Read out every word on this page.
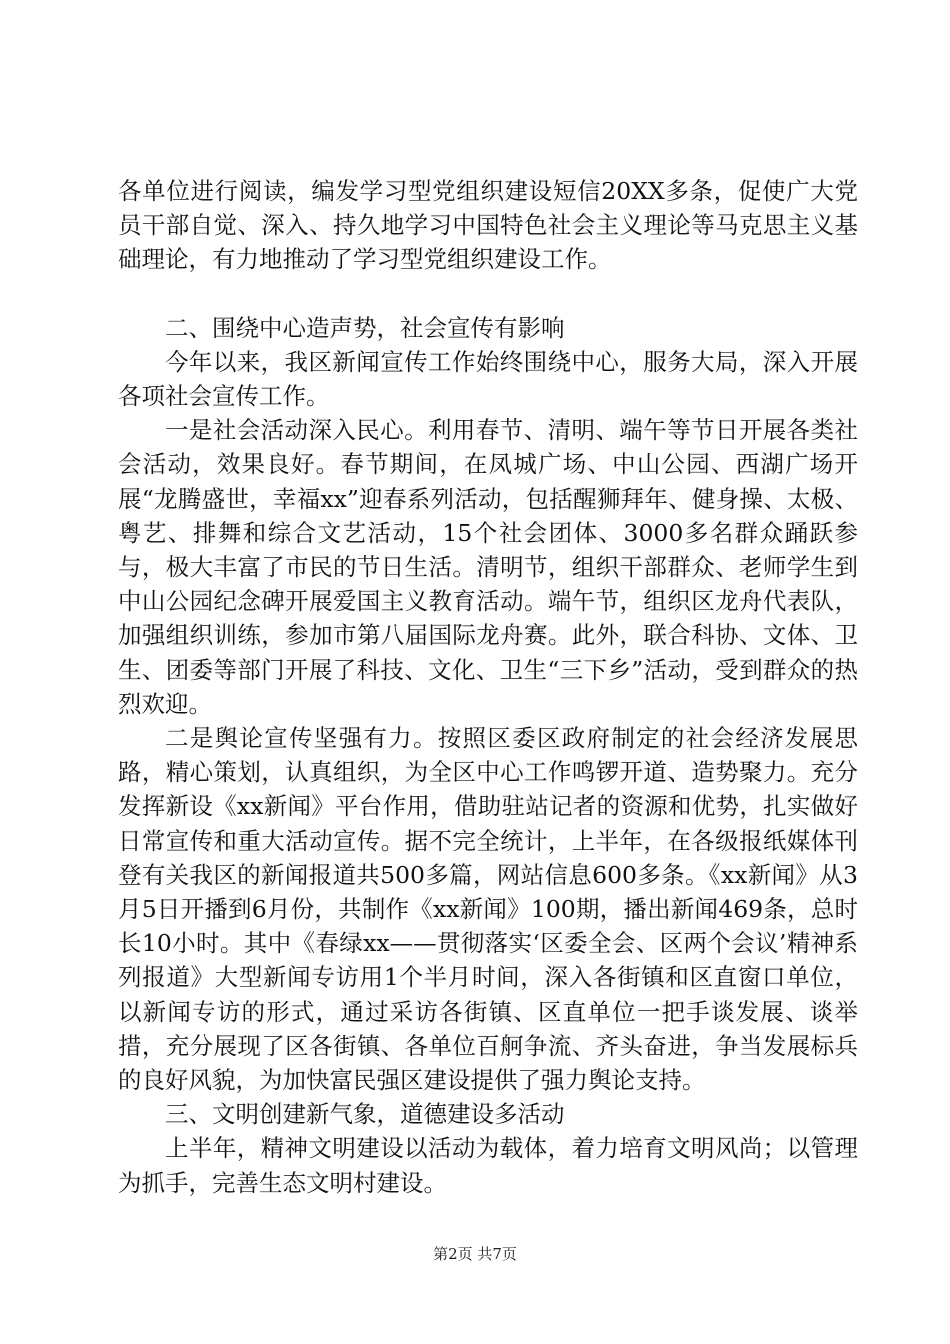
各单位进行阅读，编发学习型党组织建设短信20XX多条，促使广大党员干部自觉、深入、持久地学习中国特色社会主义理论等马克思主义基础理论，有力地推动了学习型党组织建设工作。

二、围绕中心造声势，社会宣传有影响

今年以来，我区新闻宣传工作始终围绕中心，服务大局，深入开展各项社会宣传工作。

一是社会活动深入民心。利用春节、清明、端午等节日开展各类社会活动，效果良好。春节期间，在凤城广场、中山公园、西湖广场开展“龙腾盛世，幸福xx”迎春系列活动，包括醒狮拜年、健身操、太极、粤艺、排舞和综合文艺活动，15个社会团体、3000多名群众踊跃参与，极大丰富了市民的节日生活。清明节，组织干部群众、老师学生到中山公园纪念碑开展爱国主义教育活动。端午节，组织区龙舟代表队，加强组织训练，参加市第八届国际龙舟赛。此外，联合科协、文体、卫生、团委等部门开展了科技、文化、卫生“三下乡”活动，受到群众的热烈欢迎。

二是舆论宣传坚强有力。按照区委区政府制定的社会经济发展思路，精心策划，认真组织，为全区中心工作鸣锣开道、造势聚力。充分发挥新设《xx新闻》平台作用，借助驻站记者的资源和优势，扎实做好日常宣传和重大活动宣传。据不完全统计，上半年，在各级报纸媒体刊登有关我区的新闻报道共500多篇，网站信息600多条。《xx新闻》从3月5日开播到6月份，共制作《xx新闻》100期，播出新闻469条，总时长10小时。其中《春绿xx——贯彻落实‘区委全会、区两个会议’精神系列报道》大型新闻专访用1个半月时间，深入各街镇和区直窗口单位，以新闻专访的形式，通过采访各街镇、区直单位一把手谈发展、谈举措，充分展现了区各街镇、各单位百舸争流、齐头奋进，争当发展标兵的良好风貌，为加快富民强区建设提供了强力舆论支持。

三、文明创建新气象，道德建设多活动

上半年，精神文明建设以活动为载体，着力培育文明风尚；以管理为抓手，完善生态文明村建设。

第2页 共7页
